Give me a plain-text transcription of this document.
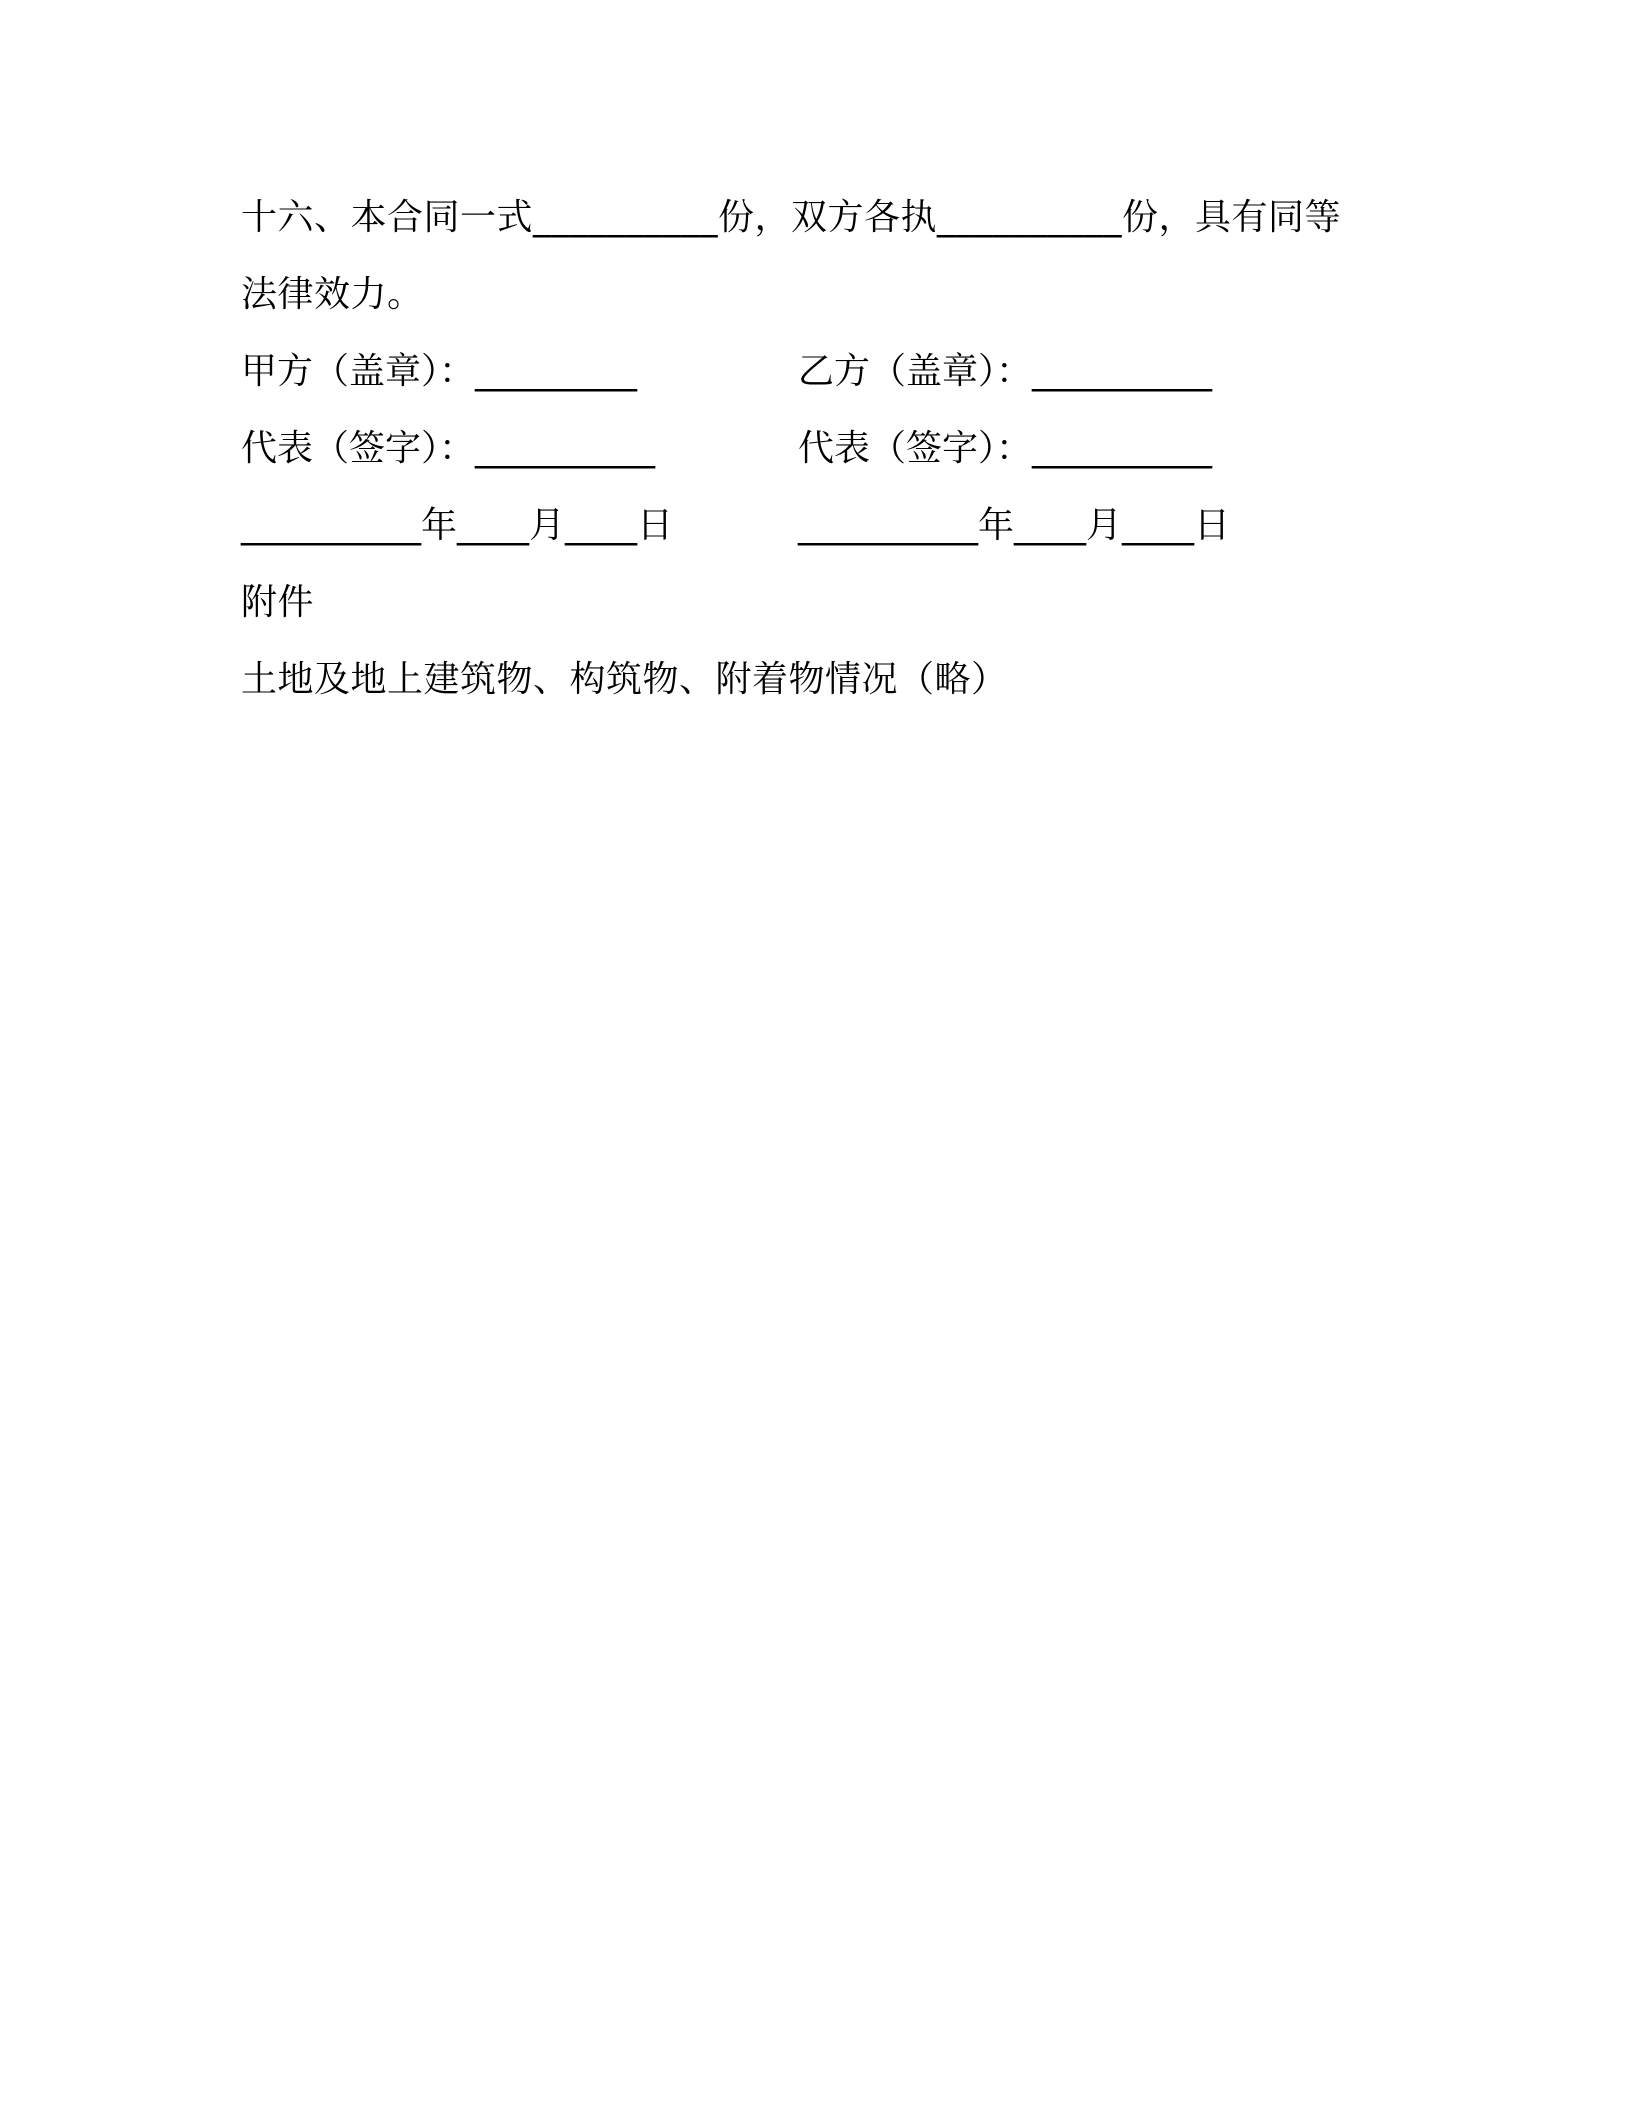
十六、本合同一式__________份，双方各执__________份，具有同等
法律效力。
甲方（盖章）：_________	乙方（盖章）：__________
代表（签字）：__________	代表（签字）：__________
__________年____月____日	__________年____月____日
附件
土地及地上建筑物、构筑物、附着物情况（略）
